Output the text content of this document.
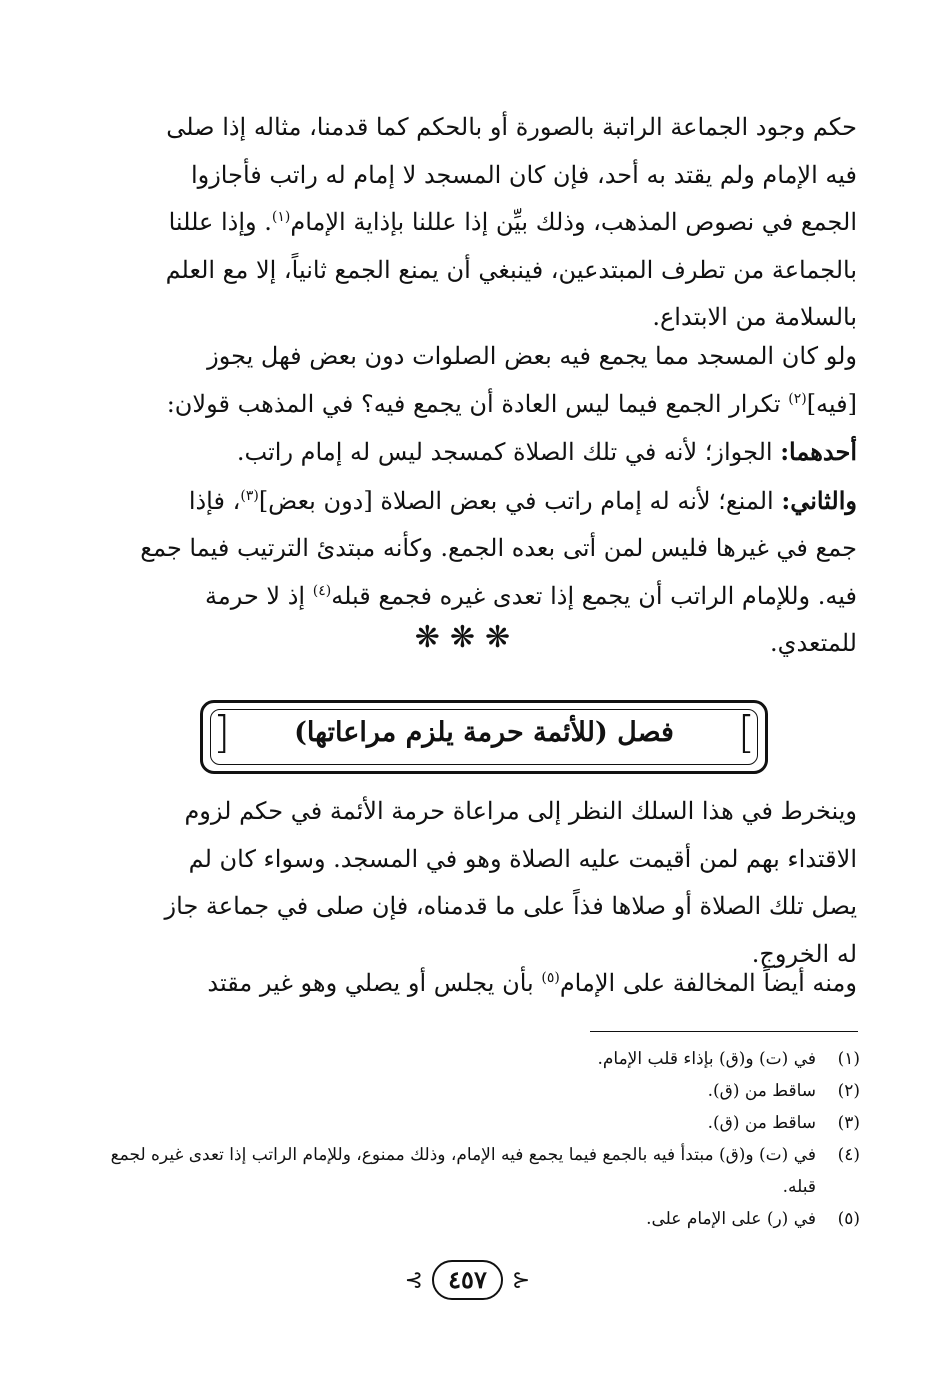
حكم وجود الجماعة الراتبة بالصورة أو بالحكم كما قدمنا، مثاله إذا صلى

فيه الإمام ولم يقتد به أحد، فإن كان المسجد لا إمام له راتب فأجازوا

الجمع في نصوص المذهب، وذلك بيِّن إذا عللنا بإذاية الإمام$^{(١)}$. وإذا عللنا

بالجماعة من تطرف المبتدعين، فينبغي أن يمنع الجمع ثانياً، إلا مع العلم

بالسلامة من الابتداع.

ولو كان المسجد مما يجمع فيه بعض الصلوات دون بعض فهل يجوز

[فيه]$^{(٢)}$ تكرار الجمع فيما ليس العادة أن يجمع فيه؟ في المذهب قولان:

أحدهما: الجواز؛ لأنه في تلك الصلاة كمسجد ليس له إمام راتب.

والثاني: المنع؛ لأنه له إمام راتب في بعض الصلاة [دون بعض]$^{(٣)}$، فإذا

جمع في غيرها فليس لمن أتى بعده الجمع. وكأنه مبتدئ الترتيب فيما جمع

فيه. وللإمام الراتب أن يجمع إذا تعدى غيره فجمع قبله$^{(٤)}$ إذ لا حرمة

للمتعدي.

❋❋❋
[	]
فصل (للأئمة حرمة يلزم مراعاتها)

وينخرط في هذا السلك النظر إلى مراعاة حرمة الأئمة في حكم لزوم

الاقتداء بهم لمن أقيمت عليه الصلاة وهو في المسجد. وسواء كان لم

يصل تلك الصلاة أو صلاها فذاً على ما قدمناه، فإن صلى في جماعة جاز

له الخروج.

ومنه أيضاً المخالفة على الإمام$^{(٥)}$ بأن يجلس أو يصلي وهو غير مقتد

(١)
في (ت) و(ق) بإذاء قلب الإمام.
(٢)
ساقط من (ق).
(٣)
ساقط من (ق).
(٤)
في (ت) و(ق) مبتدأ فيه بالجمع فيما يجمع فيه الإمام، وذلك ممنوع، وللإمام الراتب إذا تعدى غيره لجمع قبله.
(٥)
في (ر) على الإمام على.
⊰ ٤٥٧ ⊱
